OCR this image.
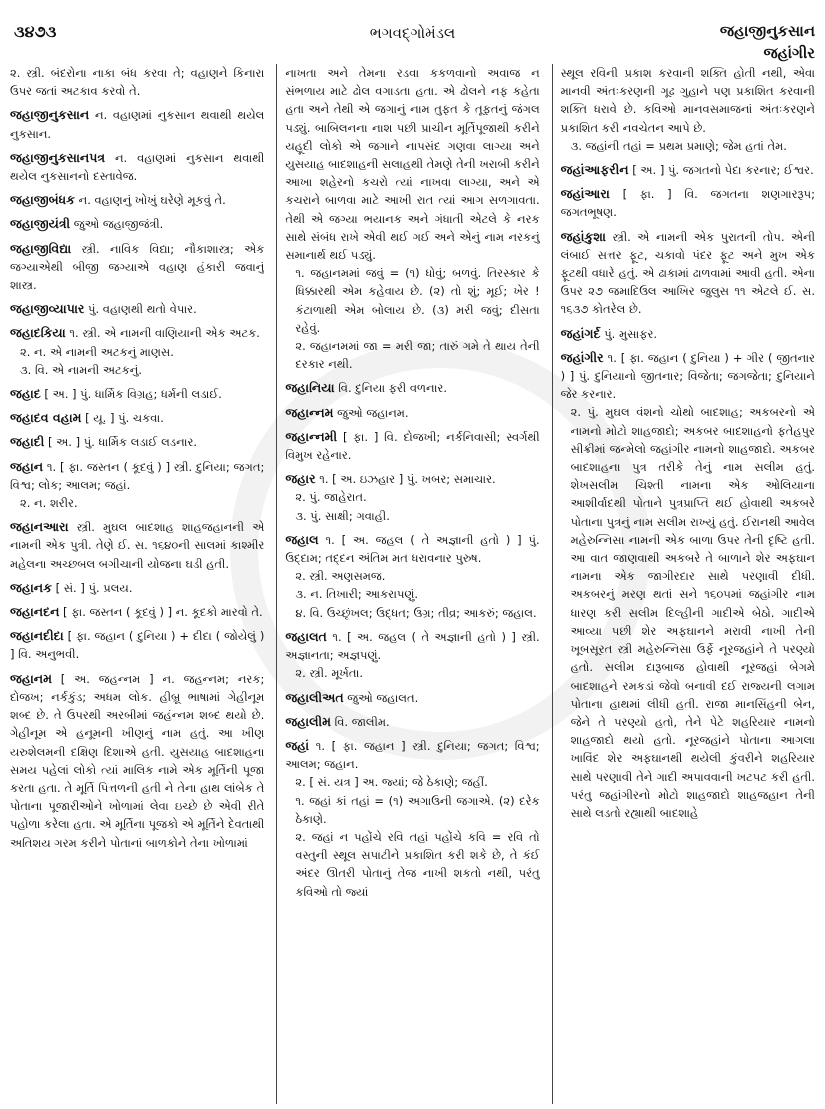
૩૪૭૩	ભગવદ્ગોમંડલ	જહાજીનુકસાન
જહાંગીર
૨. સ્ત્રી. બંદરોના નાકા બંધ કરવા તે; વહાણને કિનારા ઉપર જતાં અટકાવ કરવો તે.
જહાજીનુકસાન ન. વહાણમાં નુકસાન થવાથી થયેલ નુકસાન.
જહાજીનુકસાનપત્ર ન. વહાણમાં નુકસાન થવાથી થયેલ નુકસાનનો દસ્તાવેજ.
જહાજીબંધક ન. વહાણનું ખોખું ઘરેણે મૂકવું તે.
જહાજીયંત્રી જુઓ જહાજીજંત્રી.
જહાજીવિદ્યા સ્ત્રી. નાવિક વિદ્યા; નૌકાશાસ્ત્ર; એક જગ્યાએથી બીજી જગ્યાએ વહાણ હંકારી જવાનું શાસ્ત્ર.
જહાજીવ્યાપાર પું. વહાણથી થતો વેપાર.
જહાદકિયા ૧. સ્ત્રી. એ નામની વાણિયાની એક અટક.
૨. ન. એ નામની અટકનું માણસ.
૩. વિ. એ નામની અટકનું.
જહાદ [ અ. ] પું. ધાર્મિક વિગ્રહ; ધર્મની લડાઈ.
જહાદવ વહામ [ યૂ. ] પું. ચકવા.
જહાદી [ અ. ] પું. ધાર્મિક લડાઈ લડનાર.
જહાન ૧. [ ફા. જસ્તન ( કૂદવું ) ] સ્ત્રી. દુનિયા; જગત; વિશ્વ; લોક; આલમ; જહાં.
૨. ન. શરીર.
જહાનઆરા સ્ત્રી. મુઘલ બાદશાહ શાહજહાનની એ નામની એક પુત્રી. તેણે ઈ. સ. ૧૬૪૦ની સાલમાં કાશ્મીર મહેલના અચ્છબલ બગીચાની યોજના ઘડી હતી.
જહાનક [ સં. ] પું. પ્રલય.
જહાનદન [ ફા. જસ્તન ( કૂદવું ) ] ન. કૂદકો મારવો તે.
જહાનદીદા [ ફા. જહાન ( દુનિયા ) + દીદા ( જોયેલું ) ] વિ. અનુભવી.
જહાનમ [ અ. જહન્નમ ] ન. જહન્નમ; નરક; દોજખ; નર્કકુંડ; અધમ લોક. હીબ્રૂ ભાષામાં ગેહીનૂમ શબ્દ છે. તે ઉપરથી અરબીમાં જહંન્નમ શબ્દ થયો છે. ગેહીનૂમ એ હનૂમની ખીણનું નામ હતું. આ ખીણ યરુશેલમની દક્ષિણ દિશાએ હતી. યુસયાહ બાદશાહના સમય પહેલાં લોકો ત્યાં માલિક નામે એક મૂર્તિની પૂજા કરતા હતા. તે મૂર્તિ પિત્તળની હતી ને તેના હાથ લાંબેક તે પોતાના પૂજારીઓને ખોળામાં લેવા ઇચ્છે છે એવી રીતે પહોળા કરેલા હતા. એ મૂર્તિના પૂજકો એ મૂર્તિને દેવતાથી અતિશય ગરમ કરીને પોતાનાં બાળકોને તેના ખોળામાં
નાખતા અને તેમના રડવા કકળવાનો અવાજ ન સંભળાય માટે ઢોલ વગાડતા હતા. એ ઢોલને નફ કહેતા હતા અને તેથી એ જગાનું નામ તુફત કે તૂફતનું જંગલ પડ્યું. બાબિલનના નાશ પછી પ્રાચીન મૂર્તિપૂજાથી કરીને યહૂદી લોકો એ જગાને નાપસંદ ગણવા લાગ્યા અને યુસયાહ બાદશાહની સલાહથી તેમણે તેની ખરાબી કરીને આખા શહેરનો કચરો ત્યાં નાખવા લાગ્યા, અને એ કચરાને બાળવા માટે આખી રાત ત્યાં આગ સળગાવતા. તેથી એ જગ્યા ભયાનક અને ગંધાતી એટલે કે નરક સાથે સંબંધ રાખે એવી થઈ ગઈ અને એનું નામ નરકનું સમાનાર્થ થઈ પડ્યું.
૧. જહાનમમાં જવું = (૧) ધોવું; બળવું. તિરસ્કાર કે ધિક્કારથી એમ કહેવાય છે. (૨) તો શું; મૂઈ; ખેર ! કંટાળાથી એમ બોલાય છે. (૩) મરી જવું; દીસતા રહેવું.
૨. જહાનમમાં જા = મરી જા; તારું ગમે તે થાય તેની દરકાર નથી.
જહાનિયા વિ. દુનિયા ફરી વળનાર.
જહાન્નમ જુઓ જહાનમ.
જહાન્નમી [ ફા. ] વિ. દોજખી; નર્કનિવાસી; સ્વર્ગથી વિમુખ રહેનાર.
જહાર ૧. [ અ. ઇઝહાર ] પું. ખબર; સમાચાર.
૨. પું. જાહેરાત.
૩. પું. સાક્ષી; ગવાહી.
જહાલ ૧. [ અ. જહલ ( તે અજ્ઞાની હતો ) ] પું. ઉદ્દામ; તદ્દન અંતિમ મત ધરાવનાર પુરુષ.
૨. સ્ત્રી. અણસમજ.
૩. ન. તિખારી; આકરાપણું.
૪. વિ. ઉચ્છૃંખલ; ઉદ્ધત; ઉગ્ર; તીવ્ર; આકરું; જહાલ.
જહાલત ૧. [ અ. જહલ ( તે અજ્ઞાની હતો ) ] સ્ત્રી. અજ્ઞાનતા; અજ્ઞપણું.
૨. સ્ત્રી. મૂર્ખતા.
જહાલીઅત જુઓ જહાલત.
જહાલીમ વિ. જાલીમ.
જહાં ૧. [ ફા. જહાન ] સ્ત્રી. દુનિયા; જગત; વિશ્વ; આલમ; જહાન.
૨. [ સં. યત્ર ] અ. જ્યાં; જે ઠેકાણે; જહીં.
૧. જહાં કાં તહાં = (૧) અગાઉની જગાએ. (૨) દરેક ઠેકાણે.
૨. જહાં ન પહોંચે રવિ તહાં પહોંચે કવિ = રવિ તો વસ્તુની સ્થૂલ સપાટીને પ્રકાશિત કરી શકે છે, તે કંઈ અંદર ઊતરી પોતાનું તેજ નાખી શકતો નથી, પરંતુ કવિઓ તો જ્યાં
સ્થૂલ રવિની પ્રકાશ કરવાની શક્તિ હોતી નથી, એવા માનવી અંતઃકરણની ગૂઢ ગુહાને પણ પ્રકાશિત કરવાની શક્તિ ધરાવે છે. કવિઓ માનવસમાજનાં અંતઃકરણને પ્રકાશિત કરી નવચેતન આપે છે.
૩. જહાંની તહાં = પ્રથમ પ્રમાણે; જેમ હતાં તેમ.
જહાંઆફરીન [ અ. ] પું. જગતનો પેદા કરનાર; ઈશ્વર.
જહાંઆરા [ ફા. ] વિ. જગતના શણગારરૂપ; જગતભૂષણ.
જહાંકુશા સ્ત્રી. એ નામની એક પુરાતની તોપ. એની લંબાઈ સત્તર ફૂટ, ચકાવો પંદર ફૂટ અને મુખ એક ફૂટથી વધારે હતું. એ ઢાકામાં ઢાળવામાં આવી હતી. એના ઉપર ૨૭ જમાદિઉલ આખિર જુલુસ ૧૧ એટલે ઈ. સ. ૧૬૩૭ કોતરેલ છે.
જહાંગર્દ પું. મુસાફર.
જહાંગીર ૧. [ ફા. જહાન ( દુનિયા ) + ગીર ( જીતનાર ) ] પું. દુનિયાનો જીતનાર; વિજેતા; જગજેતા; દુનિયાને જેર કરનાર.
૨. પું. મુઘલ વંશનો ચોથો બાદશાહ; અકબરનો એ નામનો મોટો શાહજાદો; અકબર બાદશાહનો ફતેહપુર સીક્રીમાં જન્મેલો જહાંગીર નામનો શાહજાદો. અકબર બાદશાહના પુત્ર તરીકે તેનું નામ સલીમ હતું. શેખસલીમ ચિશ્તી નામના એક ઓલિયાના આશીર્વાદથી પોતાને પુત્રપ્રાપ્તિ થઈ હોવાથી અકબરે પોતાના પુત્રનું નામ સલીમ રાખ્યું હતું. ઈરાનથી આવેલ મહેરુન્નિસા નામની એક બાળા ઉપર તેની દૃષ્ટિ હતી. આ વાત જાણવાથી અકબરે તે બાળાને શેર અફઘાન નામના એક જાગીરદાર સાથે પરણાવી દીધી. અકબરનું મરણ થતાં સને ૧૬૦૫માં જહાંગીર નામ ધારણ કરી સલીમ દિલ્હીની ગાદીએ બેઠો. ગાદીએ આવ્યા પછી શેર અફઘાનને મરાવી નાખી તેની ખૂબસૂરત સ્ત્રી મહેરુન્નિસા ઉર્ફે નૂરજહાંને તે પરણ્યો હતો. સલીમ દારૂબાજ હોવાથી નૂરજહાં બેગમે બાદશાહને રમકડાં જેવો બનાવી દઈ રાજ્યની લગામ પોતાના હાથમાં લીધી હતી. રાજા માનસિંહની બેન, જેને તે પરણ્યો હતો, તેને પેટે શહરિયાર નામનો શાહજાદો થયો હતો. નૂરજહાંને પોતાના આગલા ખાવિંદ શેર અફઘાનથી થયેલી કુંવરીને શહરિયાર સાથે પરણાવી તેને ગાદી અપાવવાની ખટપટ કરી હતી. પરંતુ જહાંગીરનો મોટો શાહજાદો શાહજહાન તેની સાથે લડતો રહ્યાથી બાદશાહે
